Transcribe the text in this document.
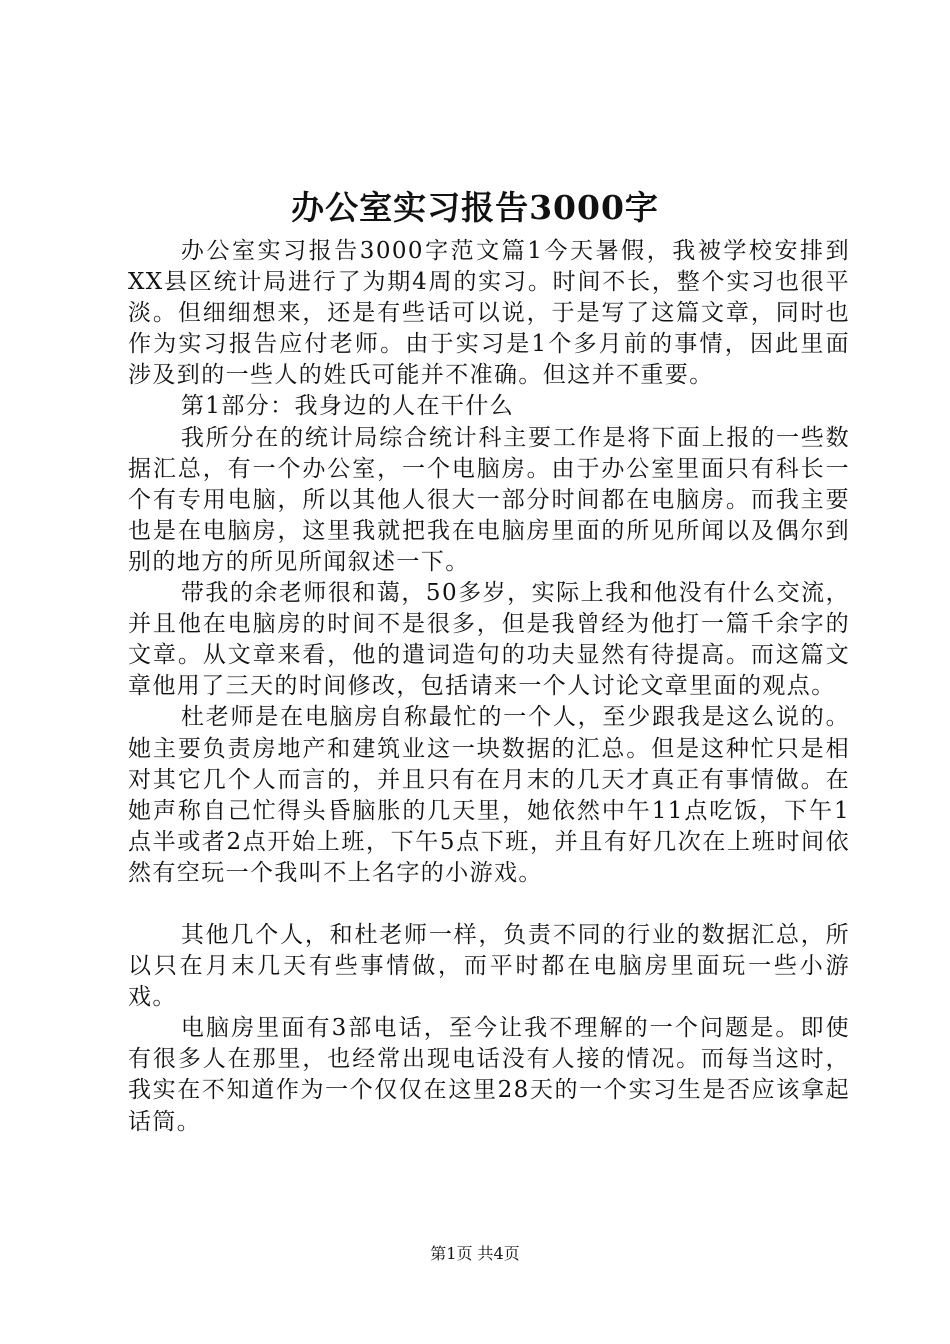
办公室实习报告3000字

办公室实习报告3000字范文篇1今天暑假，我被学校安排到XX县区统计局进行了为期4周的实习。时间不长，整个实习也很平淡。但细细想来，还是有些话可以说，于是写了这篇文章，同时也作为实习报告应付老师。由于实习是1个多月前的事情，因此里面涉及到的一些人的姓氏可能并不准确。但这并不重要。

第1部分：我身边的人在干什么

我所分在的统计局综合统计科主要工作是将下面上报的一些数据汇总，有一个办公室，一个电脑房。由于办公室里面只有科长一个有专用电脑，所以其他人很大一部分时间都在电脑房。而我主要也是在电脑房，这里我就把我在电脑房里面的所见所闻以及偶尔到别的地方的所见所闻叙述一下。

带我的余老师很和蔼，50多岁，实际上我和他没有什么交流，并且他在电脑房的时间不是很多，但是我曾经为他打一篇千余字的文章。从文章来看，他的遣词造句的功夫显然有待提高。而这篇文章他用了三天的时间修改，包括请来一个人讨论文章里面的观点。

杜老师是在电脑房自称最忙的一个人，至少跟我是这么说的。她主要负责房地产和建筑业这一块数据的汇总。但是这种忙只是相对其它几个人而言的，并且只有在月末的几天才真正有事情做。在她声称自己忙得头昏脑胀的几天里，她依然中午11点吃饭，下午1点半或者2点开始上班，下午5点下班，并且有好几次在上班时间依然有空玩一个我叫不上名字的小游戏。

其他几个人，和杜老师一样，负责不同的行业的数据汇总，所以只在月末几天有些事情做，而平时都在电脑房里面玩一些小游戏。

电脑房里面有3部电话，至今让我不理解的一个问题是。即使有很多人在那里，也经常出现电话没有人接的情况。而每当这时，我实在不知道作为一个仅仅在这里28天的一个实习生是否应该拿起话筒。

第1页 共4页
